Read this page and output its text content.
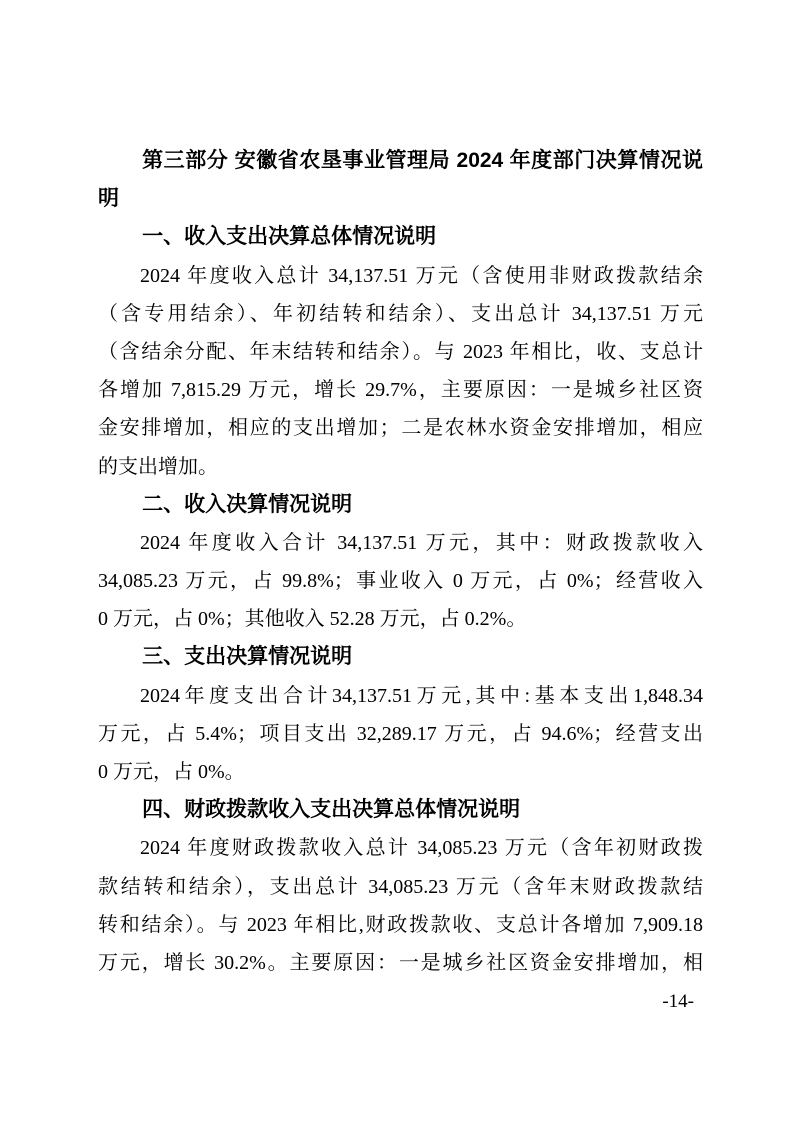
第三部分 安徽省农垦事业管理局 2024 年度部门决算情况说
明
一、收入支出决算总体情况说明
2024 年度收入总计 34,137.51 万元（含使用非财政拨款结余
（含专用结余）、年初结转和结余）、支出总计 34,137.51 万元
（含结余分配、年末结转和结余）。与 2023 年相比，收、支总计
各增加 7,815.29 万元，增长 29.7%，主要原因：一是城乡社区资
金安排增加，相应的支出增加；二是农林水资金安排增加，相应
的支出增加。
二、收入决算情况说明
2024 年度收入合计 34,137.51 万元，其中：财政拨款收入
34,085.23 万元，占 99.8%；事业收入 0 万元，占 0%；经营收入
0 万元，占 0%；其他收入 52.28 万元，占 0.2%。
三、支出决算情况说明
2024年度支出合计34,137.51万元,其中:基本支出1,848.34
万元，占 5.4%；项目支出 32,289.17 万元，占 94.6%；经营支出
0 万元，占 0%。
四、财政拨款收入支出决算总体情况说明
2024 年度财政拨款收入总计 34,085.23 万元（含年初财政拨
款结转和结余），支出总计 34,085.23 万元（含年末财政拨款结
转和结余）。与 2023 年相比,财政拨款收、支总计各增加 7,909.18
万元，增长 30.2%。主要原因：一是城乡社区资金安排增加，相
-14-
